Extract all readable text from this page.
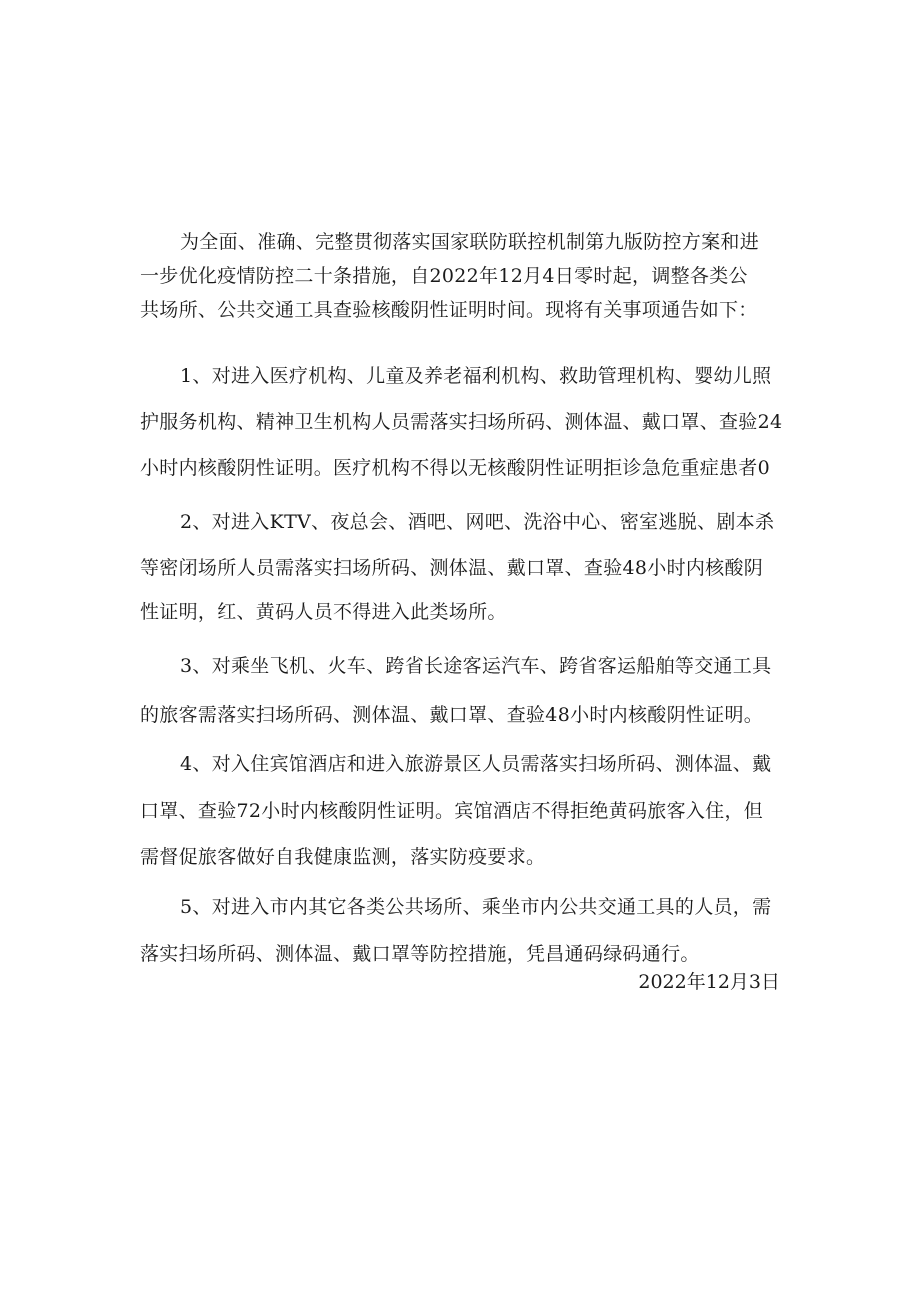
为全面、准确、完整贯彻落实国家联防联控机制第九版防控方案和进
一步优化疫情防控二十条措施，自2022年12月4日零时起，调整各类公
共场所、公共交通工具查验核酸阴性证明时间。现将有关事项通告如下：
1、对进入医疗机构、儿童及养老福利机构、救助管理机构、婴幼儿照
护服务机构、精神卫生机构人员需落实扫场所码、测体温、戴口罩、查验24
小时内核酸阴性证明。医疗机构不得以无核酸阴性证明拒诊急危重症患者0
2、对进入KTV、夜总会、酒吧、网吧、洗浴中心、密室逃脱、剧本杀
等密闭场所人员需落实扫场所码、测体温、戴口罩、查验48小时内核酸阴
性证明，红、黄码人员不得进入此类场所。
3、对乘坐飞机、火车、跨省长途客运汽车、跨省客运船舶等交通工具
的旅客需落实扫场所码、测体温、戴口罩、查验48小时内核酸阴性证明。
4、对入住宾馆酒店和进入旅游景区人员需落实扫场所码、测体温、戴
口罩、查验72小时内核酸阴性证明。宾馆酒店不得拒绝黄码旅客入住，但
需督促旅客做好自我健康监测，落实防疫要求。
5、对进入市内其它各类公共场所、乘坐市内公共交通工具的人员，需
落实扫场所码、测体温、戴口罩等防控措施，凭昌通码绿码通行。
2022年12月3日
